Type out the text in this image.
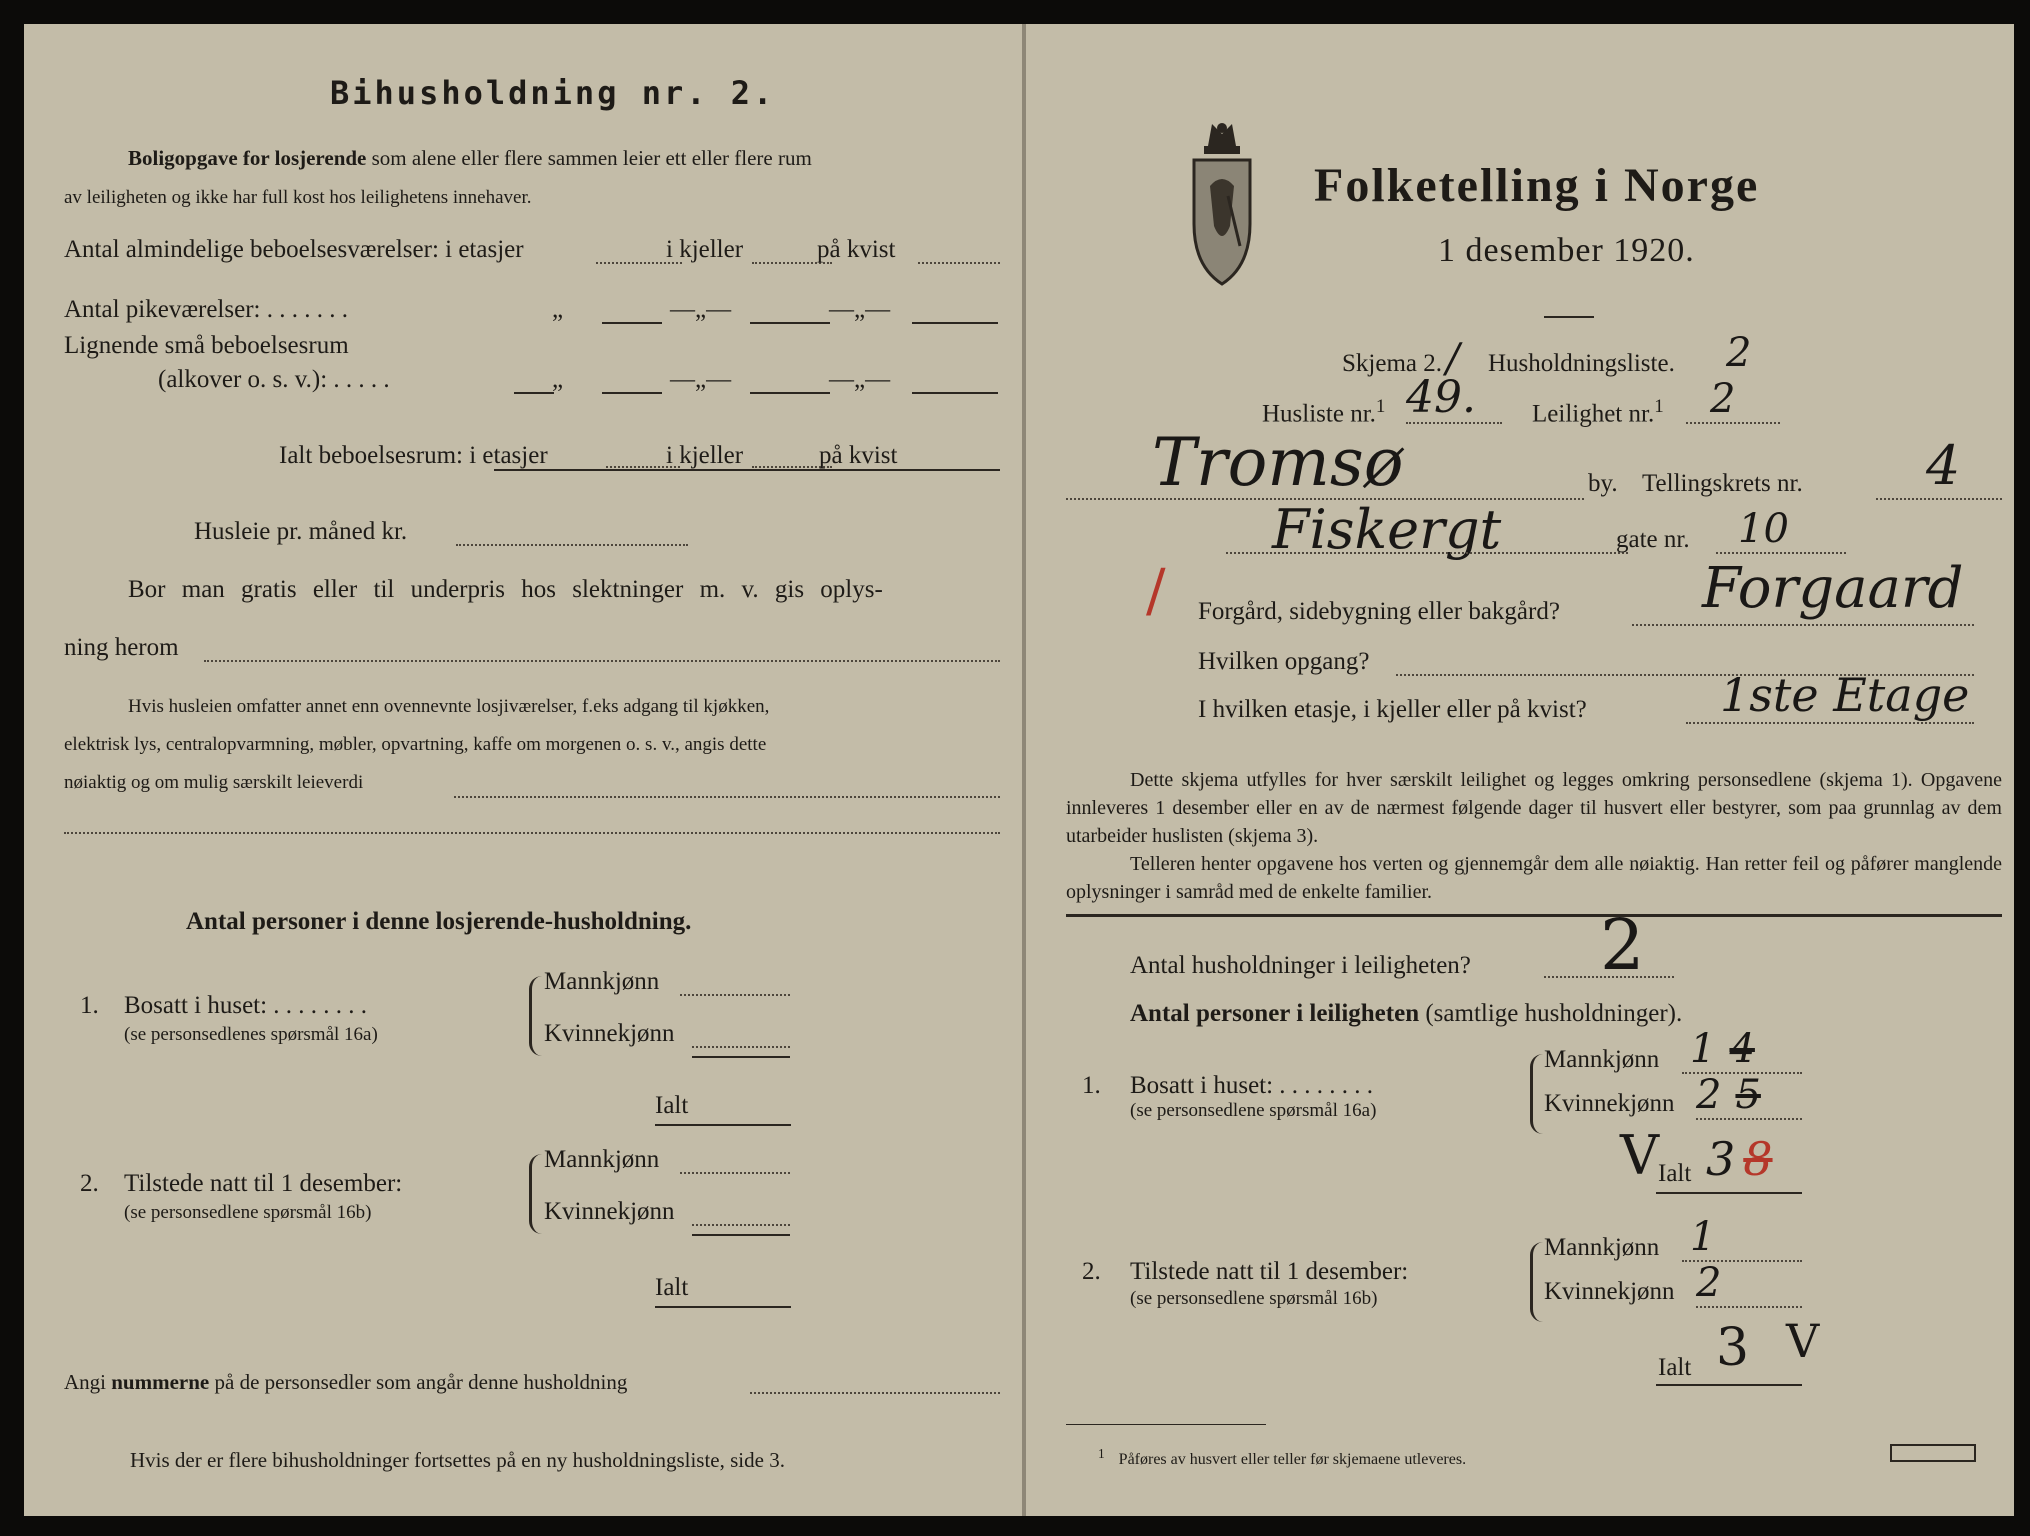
Bihusholdning nr. 2.
Boligopgave for losjerende som alene eller flere sammen leier ett eller flere rum
av leiligheten og ikke har full kost hos leilighetens innehaver.
Antal almindelige beboelsesværelser: i etasjer	i kjeller	på kvist
Antal pikeværelser: . . . . . . .	„	—„—	—„—
Lignende små beboelsesrum
(alkover o. s. v.): . . . . .	„	—„—	—„—
Ialt beboelsesrum: i etasjer	i kjeller	på kvist
Husleie pr. måned kr.
Bor man gratis eller til underpris hos slektninger m. v. gis oplys-
ning herom
Hvis husleien omfatter annet enn ovennevnte losjiværelser, f.eks adgang til kjøkken,
elektrisk lys, centralopvarmning, møbler, opvartning, kaffe om morgenen o. s. v., angis dette
nøiaktig og om mulig særskilt leieverdi
Antal personer i denne losjerende-husholdning.
1. Bosatt i huset: . . . . . . . .
(se personsedlenes spørsmål 16a)
Mannkjønn
Kvinnekjønn
Ialt
2. Tilstede natt til 1 desember:
(se personsedlene spørsmål 16b)
Mannkjønn
Kvinnekjønn
Ialt
Angi nummerne på de personsedler som angår denne husholdning
Hvis der er flere bihusholdninger fortsettes på en ny husholdningsliste, side 3.
Folketelling i Norge
1 desember 1920.
Skjema 2. / Husholdningsliste. 2
Husliste nr.$^1$ 49. Leilighet nr.$^1$ 2
Tromsø	by. Tellingskrets nr. 4
Fiskergt	gate nr. 10
/ Forgård, sidebygning eller bakgård?	Forgaard
Hvilken opgang?
I hvilken etasje, i kjeller eller på kvist?	1ste Etage
Dette skjema utfylles for hver særskilt leilighet og legges omkring personsedlene (skjema 1). Opgavene innleveres 1 desember eller en av de nærmest følgende dager til husvert eller bestyrer, som paa grunnlag av dem utarbeider huslisten (skjema 3).
Telleren henter opgavene hos verten og gjennemgår dem alle nøiaktig. Han retter feil og påfører manglende oplysninger i samråd med de enkelte familier.
Antal husholdninger i leiligheten? 2
Antal personer i leiligheten (samtlige husholdninger).
1. Bosatt i huset: . . . . . . . .
(se personsedlene spørsmål 16a)
Mannkjønn 1 4
Kvinnekjønn 2 5
V Ialt 3 8
2. Tilstede natt til 1 desember:
(se personsedlene spørsmål 16b)
Mannkjønn 1
Kvinnekjønn 2
Ialt 3 V
$^1$ Påføres av husvert eller teller før skjemaene utleveres.
